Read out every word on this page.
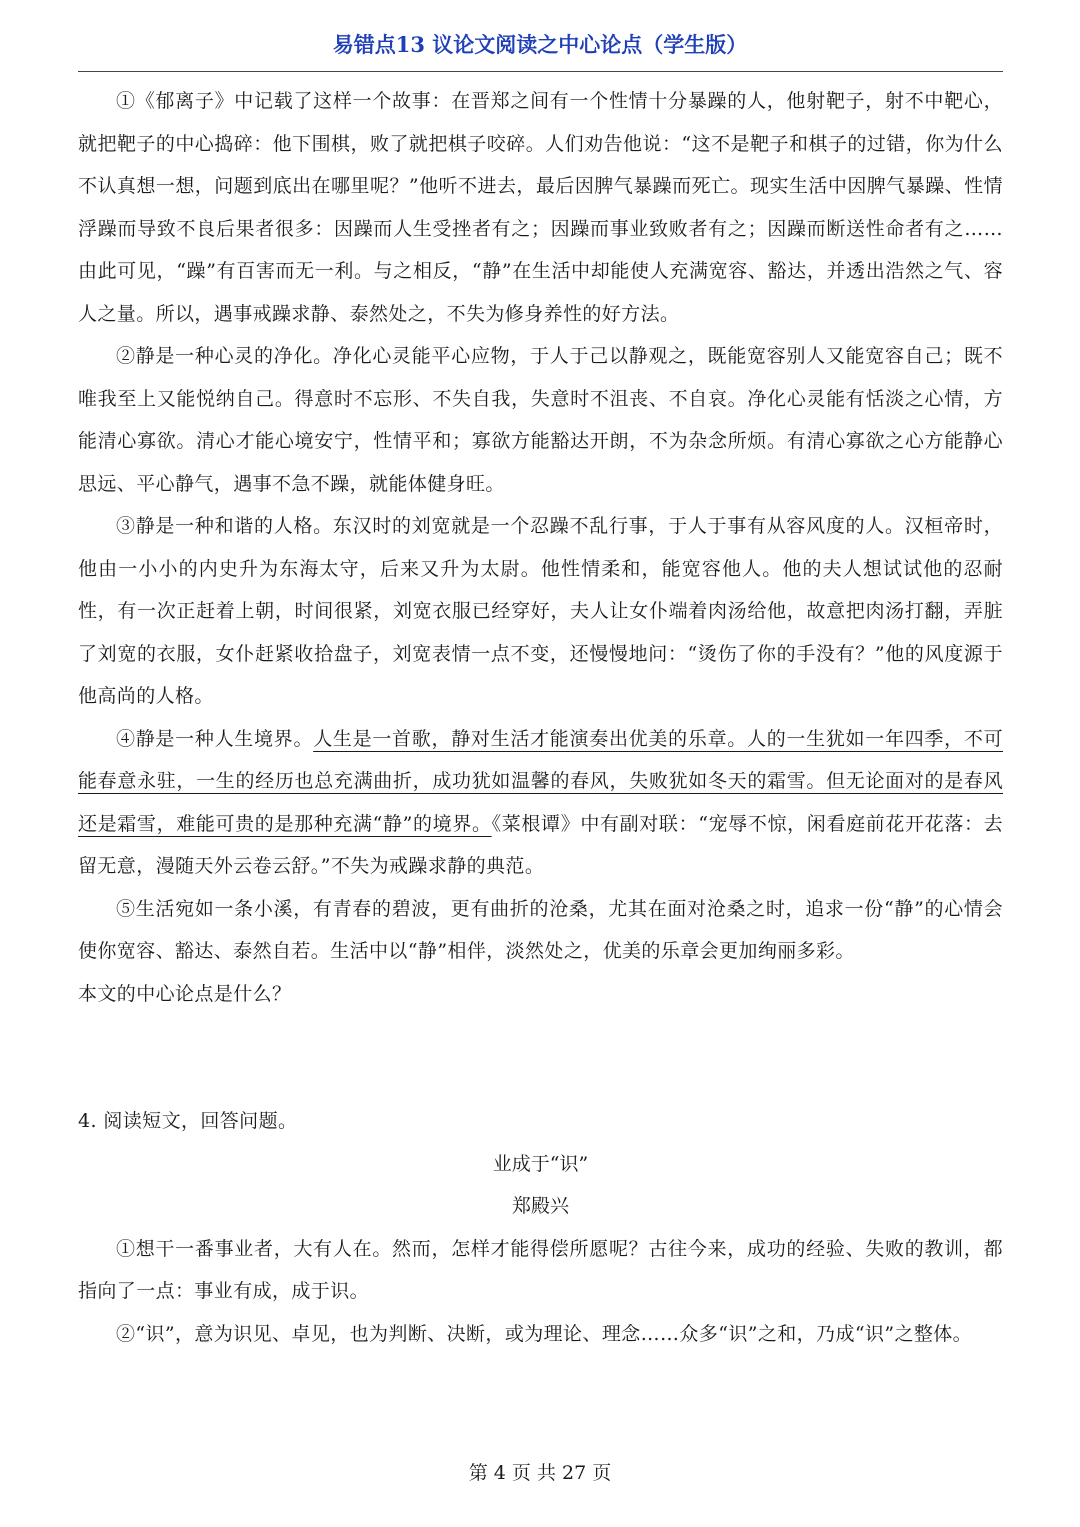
易错点13 议论文阅读之中心论点（学生版）

①《郁离子》中记载了这样一个故事：在晋郑之间有一个性情十分暴躁的人，他射靶子，射不中靶心，就把靶子的中心捣碎：他下围棋，败了就把棋子咬碎。人们劝告他说：“这不是靶子和棋子的过错，你为什么不认真想一想，问题到底出在哪里呢？”他听不进去，最后因脾气暴躁而死亡。现实生活中因脾气暴躁、性情浮躁而导致不良后果者很多：因躁而人生受挫者有之；因躁而事业致败者有之；因躁而断送性命者有之……由此可见，“躁”有百害而无一利。与之相反，“静”在生活中却能使人充满宽容、豁达，并透出浩然之气、容人之量。所以，遇事戒躁求静、泰然处之，不失为修身养性的好方法。

②静是一种心灵的净化。净化心灵能平心应物，于人于己以静观之，既能宽容别人又能宽容自己；既不唯我至上又能悦纳自己。得意时不忘形、不失自我，失意时不沮丧、不自哀。净化心灵能有恬淡之心情，方能清心寡欲。清心才能心境安宁，性情平和；寡欲方能豁达开朗，不为杂念所烦。有清心寡欲之心方能静心思远、平心静气，遇事不急不躁，就能体健身旺。

③静是一种和谐的人格。东汉时的刘宽就是一个忍躁不乱行事，于人于事有从容风度的人。汉桓帝时，他由一小小的内史升为东海太守，后来又升为太尉。他性情柔和，能宽容他人。他的夫人想试试他的忍耐性，有一次正赶着上朝，时间很紧，刘宽衣服已经穿好，夫人让女仆端着肉汤给他，故意把肉汤打翻，弄脏了刘宽的衣服，女仆赶紧收拾盘子，刘宽表情一点不变，还慢慢地问：“烫伤了你的手没有？”他的风度源于他高尚的人格。

④静是一种人生境界。人生是一首歌，静对生活才能演奏出优美的乐章。人的一生犹如一年四季，不可能春意永驻，一生的经历也总充满曲折，成功犹如温馨的春风，失败犹如冬天的霜雪。但无论面对的是春风还是霜雪，难能可贵的是那种充满“静”的境界。《菜根谭》中有副对联：“宠辱不惊，闲看庭前花开花落：去留无意，漫随天外云卷云舒。”不失为戒躁求静的典范。

⑤生活宛如一条小溪，有青春的碧波，更有曲折的沧桑，尤其在面对沧桑之时，追求一份“静”的心情会使你宽容、豁达、泰然自若。生活中以“静”相伴，淡然处之，优美的乐章会更加绚丽多彩。

本文的中心论点是什么？

4. 阅读短文，回答问题。

业成于“识”

郑殿兴

①想干一番事业者，大有人在。然而，怎样才能得偿所愿呢？古往今来，成功的经验、失败的教训，都指向了一点：事业有成，成于识。

②“识”，意为识见、卓见，也为判断、决断，或为理论、理念……众多“识”之和，乃成“识”之整体。

第 4 页 共 27 页
